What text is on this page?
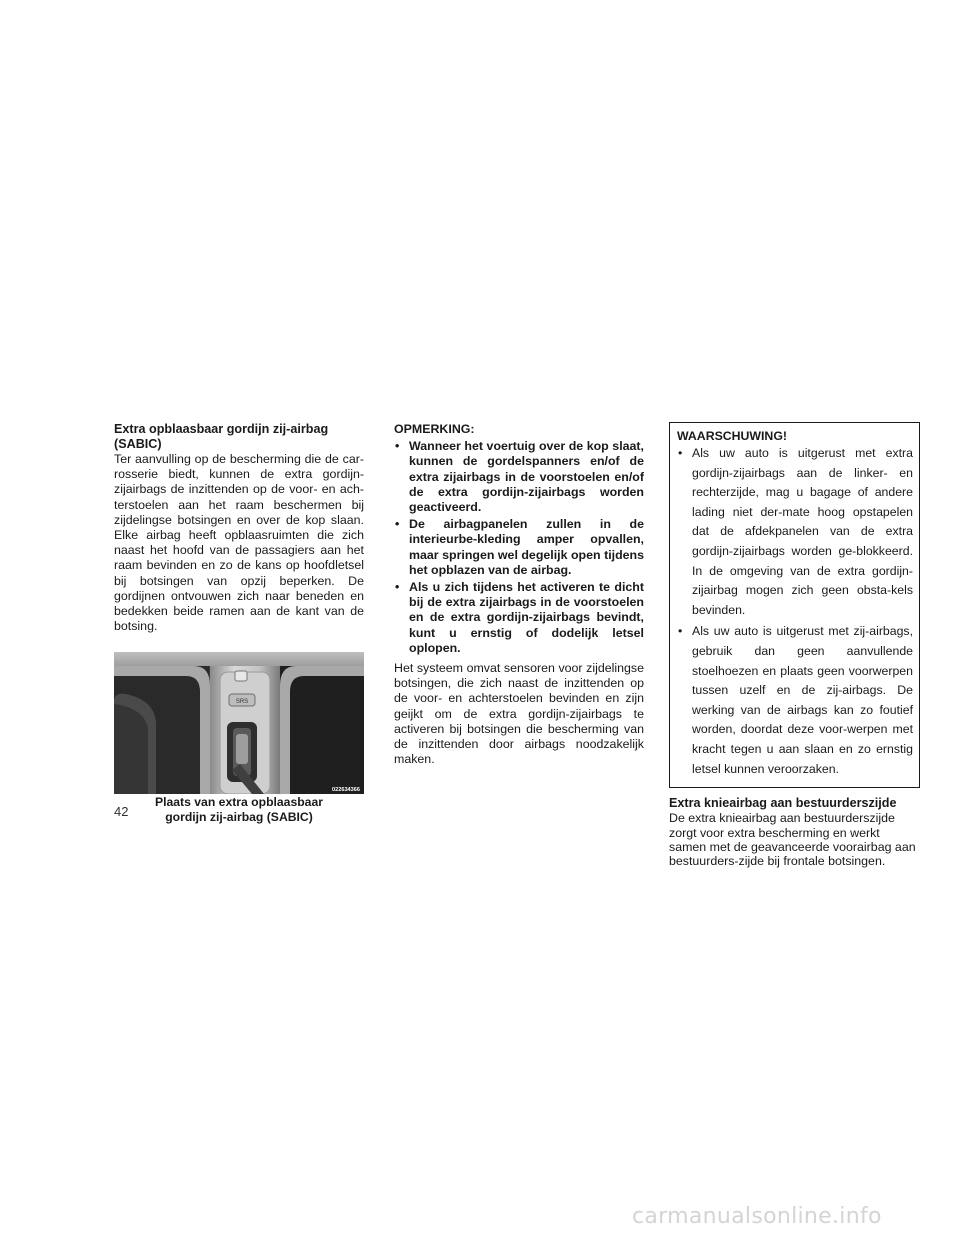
Extra opblaasbaar gordijn zij-airbag (SABIC)

Ter aanvulling op de bescherming die de car-rosserie biedt, kunnen de extra gordijn-zijairbags de inzittenden op de voor- en ach-terstoelen aan het raam beschermen bij zijdelingse botsingen en over de kop slaan. Elke airbag heeft opblaasruimten die zich naast het hoofd van de passagiers aan het raam bevinden en zo de kans op hoofdletsel bij botsingen van opzij beperken. De gordijnen ontvouwen zich naar beneden en bedekken beide ramen aan de kant van de botsing.

SRS
022634366
Plaats van extra opblaasbaar
gordijn zij-airbag (SABIC)

OPMERKING:

• Wanneer het voertuig over de kop slaat, kunnen de gordelspanners en/of de extra zijairbags in de voorstoelen en/of de extra gordijn-zijairbags worden geactiveerd.
• De airbagpanelen zullen in de interieurbe-kleding amper opvallen, maar springen wel degelijk open tijdens het opblazen van de airbag.
• Als u zich tijdens het activeren te dicht bij de extra zijairbags in de voorstoelen en de extra gordijn-zijairbags bevindt, kunt u ernstig of dodelijk letsel oplopen.

Het systeem omvat sensoren voor zijdelingse botsingen, die zich naast de inzittenden op de voor- en achterstoelen bevinden en zijn geijkt om de extra gordijn-zijairbags te activeren bij botsingen die bescherming van de inzittenden door airbags noodzakelijk maken.

WAARSCHUWING!

• Als uw auto is uitgerust met extra gordijn-zijairbags aan de linker- en rechterzijde, mag u bagage of andere lading niet der-mate hoog opstapelen dat de afdekpanelen van de extra gordijn-zijairbags worden ge-blokkeerd. In de omgeving van de extra gordijn-zijairbag mogen zich geen obsta-kels bevinden.
• Als uw auto is uitgerust met zij-airbags, gebruik dan geen aanvullende stoelhoezen en plaats geen voorwerpen tussen uzelf en de zij-airbags. De werking van de airbags kan zo foutief worden, doordat deze voor-werpen met kracht tegen u aan slaan en zo ernstig letsel kunnen veroorzaken.

Extra knieairbag aan bestuurderszijde

De extra knieairbag aan bestuurderszijde zorgt voor extra bescherming en werkt samen met de geavanceerde voorairbag aan bestuurders-zijde bij frontale botsingen.

42
carmanualsonline.info
